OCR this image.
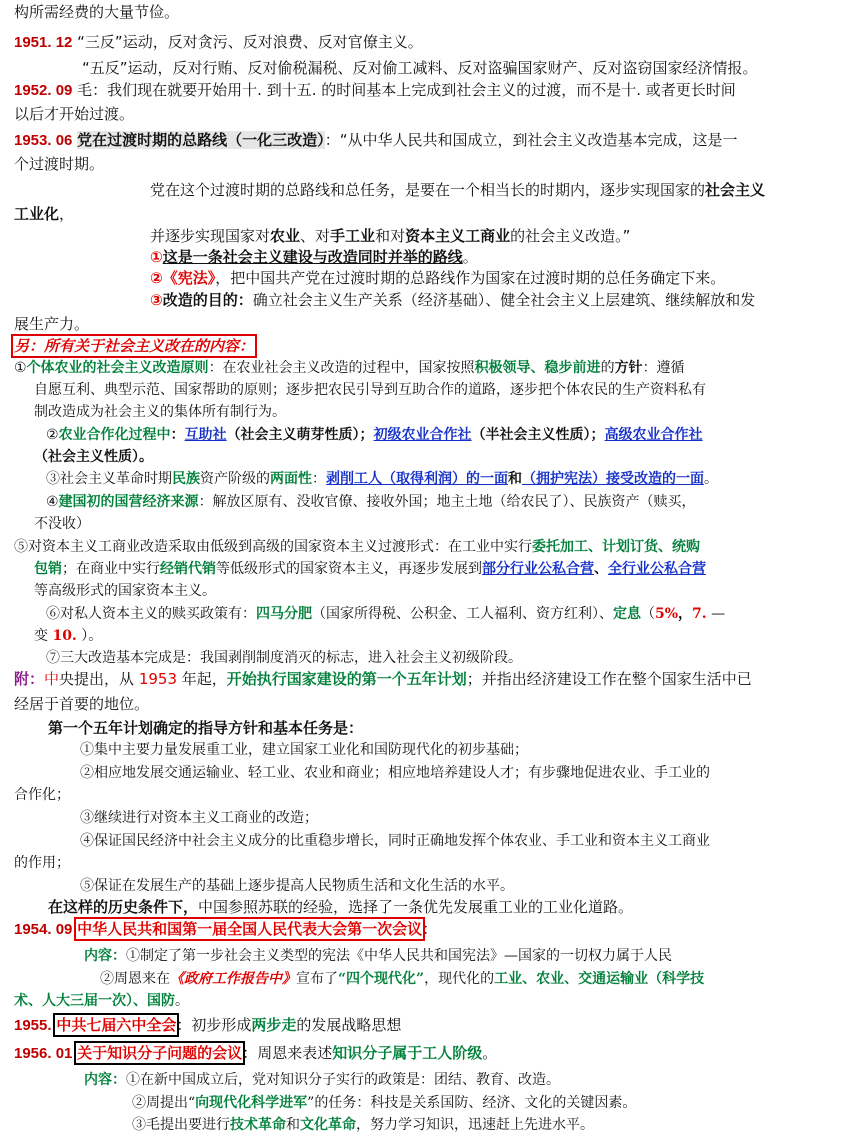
构所需经费的大量节俭。
1951. 12 “三反”运动，反对贪污、反对浪费、反对官僚主义。
“五反”运动，反对行贿、反对偷税漏税、反对偷工减料、反对盗骗国家财产、反对盗窃国家经济情报。
1952. 09 毛：我们现在就要开始用十. 到十五. 的时间基本上完成到社会主义的过渡，而不是十. 或者更长时间
以后才开始过渡。
1953. 06 党在过渡时期的总路线（一化三改造）：“从中华人民共和国成立，到社会主义改造基本完成，这是一
个过渡时期。
党在这个过渡时期的总路线和总任务，是要在一个相当长的时期内，逐步实现国家的社会主义
工业化，
并逐步实现国家对农业、对手工业和对资本主义工商业的社会主义改造。”
①这是一条社会主义建设与改造同时并举的路线。
②《宪法》，把中国共产党在过渡时期的总路线作为国家在过渡时期的总任务确定下来。
③改造的目的：确立社会主义生产关系（经济基础）、健全社会主义上层建筑、继续解放和发
展生产力。
另：所有关于社会主义改在的内容：
①个体农业的社会主义改造原则：在农业社会主义改造的过程中，国家按照积极领导、稳步前进的方针：遵循
自愿互利、典型示范、国家帮助的原则；逐步把农民引导到互助合作的道路，逐步把个体农民的生产资料私有
制改造成为社会主义的集体所有制行为。
②农业合作化过程中：互助社（社会主义萌芽性质）；初级农业合作社（半社会主义性质）；高级农业合作社
（社会主义性质）。
③社会主义革命时期民族资产阶级的两面性：剥削工人（取得利润）的一面和（拥护宪法）接受改造的一面。
④建国初的国营经济来源：解放区原有、没收官僚、接收外国；地主土地（给农民了）、民族资产（赎买，
不没收）
⑤对资本主义工商业改造采取由低级到高级的国家资本主义过渡形式：在工业中实行委托加工、计划订货、统购
包销；在商业中实行经销代销等低级形式的国家资本主义，再逐步发展到部分行业公私合营、全行业公私合营
等高级形式的国家资本主义。
⑥对私人资本主义的赎买政策有：四马分肥（国家所得税、公积金、工人福利、资方红利）、定息（5%，7. —
变 10. ）。
⑦三大改造基本完成是：我国剥削制度消灭的标志，进入社会主义初级阶段。
附：中央提出，从 1953 年起，开始执行国家建设的第一个五年计划；并指出经济建设工作在整个国家生活中已
经居于首要的地位。
第一个五年计划确定的指导方针和基本任务是：
①集中主要力量发展重工业，建立国家工业化和国防现代化的初步基础；
②相应地发展交通运输业、轻工业、农业和商业；相应地培养建设人才；有步骤地促进农业、手工业的
合作化；
③继续进行对资本主义工商业的改造；
④保证国民经济中社会主义成分的比重稳步增长，同时正确地发挥个体农业、手工业和资本主义工商业
的作用；
⑤保证在发展生产的基础上逐步提高人民物质生活和文化生活的水平。
在这样的历史条件下，中国参照苏联的经验，选择了一条优先发展重工业的工业化道路。
1954. 09 中华人民共和国第一届全国人民代表大会第一次会议：
内容：①制定了第一步社会主义类型的宪法《中华人民共和国宪法》—国家的一切权力属于人民
②周恩来在《政府工作报告中》宣布了“四个现代化”，现代化的工业、农业、交通运输业（科学技
术、人大三届一次）、国防。
1955. 中共七届六中全会：初步形成两步走的发展战略思想
1956. 01 关于知识分子问题的会议：周恩来表述知识分子属于工人阶级。
内容：①在新中国成立后，党对知识分子实行的政策是：团结、教育、改造。
②周提出“向现代化科学进军”的任务：科技是关系国防、经济、文化的关键因素。
③毛提出要进行技术革命和文化革命，努力学习知识，迅速赶上先进水平。
